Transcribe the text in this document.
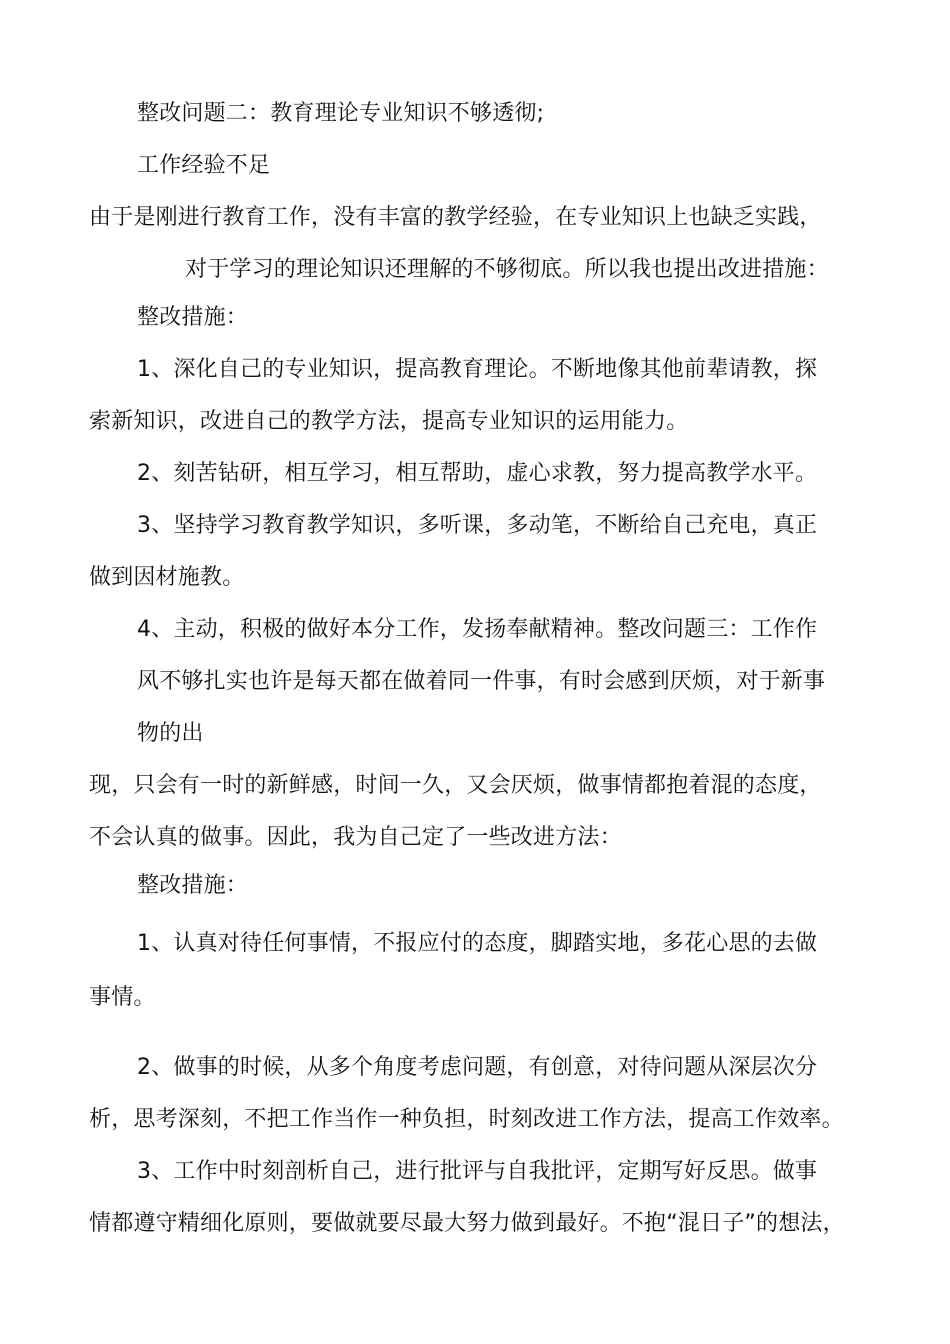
整改问题二：教育理论专业知识不够透彻;

工作经验不足

由于是刚进行教育工作，没有丰富的教学经验，在专业知识上也缺乏实践，

对于学习的理论知识还理解的不够彻底。所以我也提出改进措施：

整改措施：

1、深化自己的专业知识，提高教育理论。不断地像其他前辈请教，探

索新知识，改进自己的教学方法，提高专业知识的运用能力。

2、刻苦钻研，相互学习，相互帮助，虚心求教，努力提高教学水平。

3、坚持学习教育教学知识，多听课，多动笔，不断给自己充电，真正

做到因材施教。

4、主动，积极的做好本分工作，发扬奉献精神。整改问题三：工作作

风不够扎实也许是每天都在做着同一件事，有时会感到厌烦，对于新事

物的出

现，只会有一时的新鲜感，时间一久，又会厌烦，做事情都抱着混的态度，

不会认真的做事。因此，我为自己定了一些改进方法：

整改措施：

1、认真对待任何事情，不报应付的态度，脚踏实地，多花心思的去做

事情。

2、做事的时候，从多个角度考虑问题，有创意，对待问题从深层次分

析，思考深刻，不把工作当作一种负担，时刻改进工作方法，提高工作效率。

3、工作中时刻剖析自己，进行批评与自我批评，定期写好反思。做事

情都遵守精细化原则，要做就要尽最大努力做到最好。不抱“混日子”的想法，
